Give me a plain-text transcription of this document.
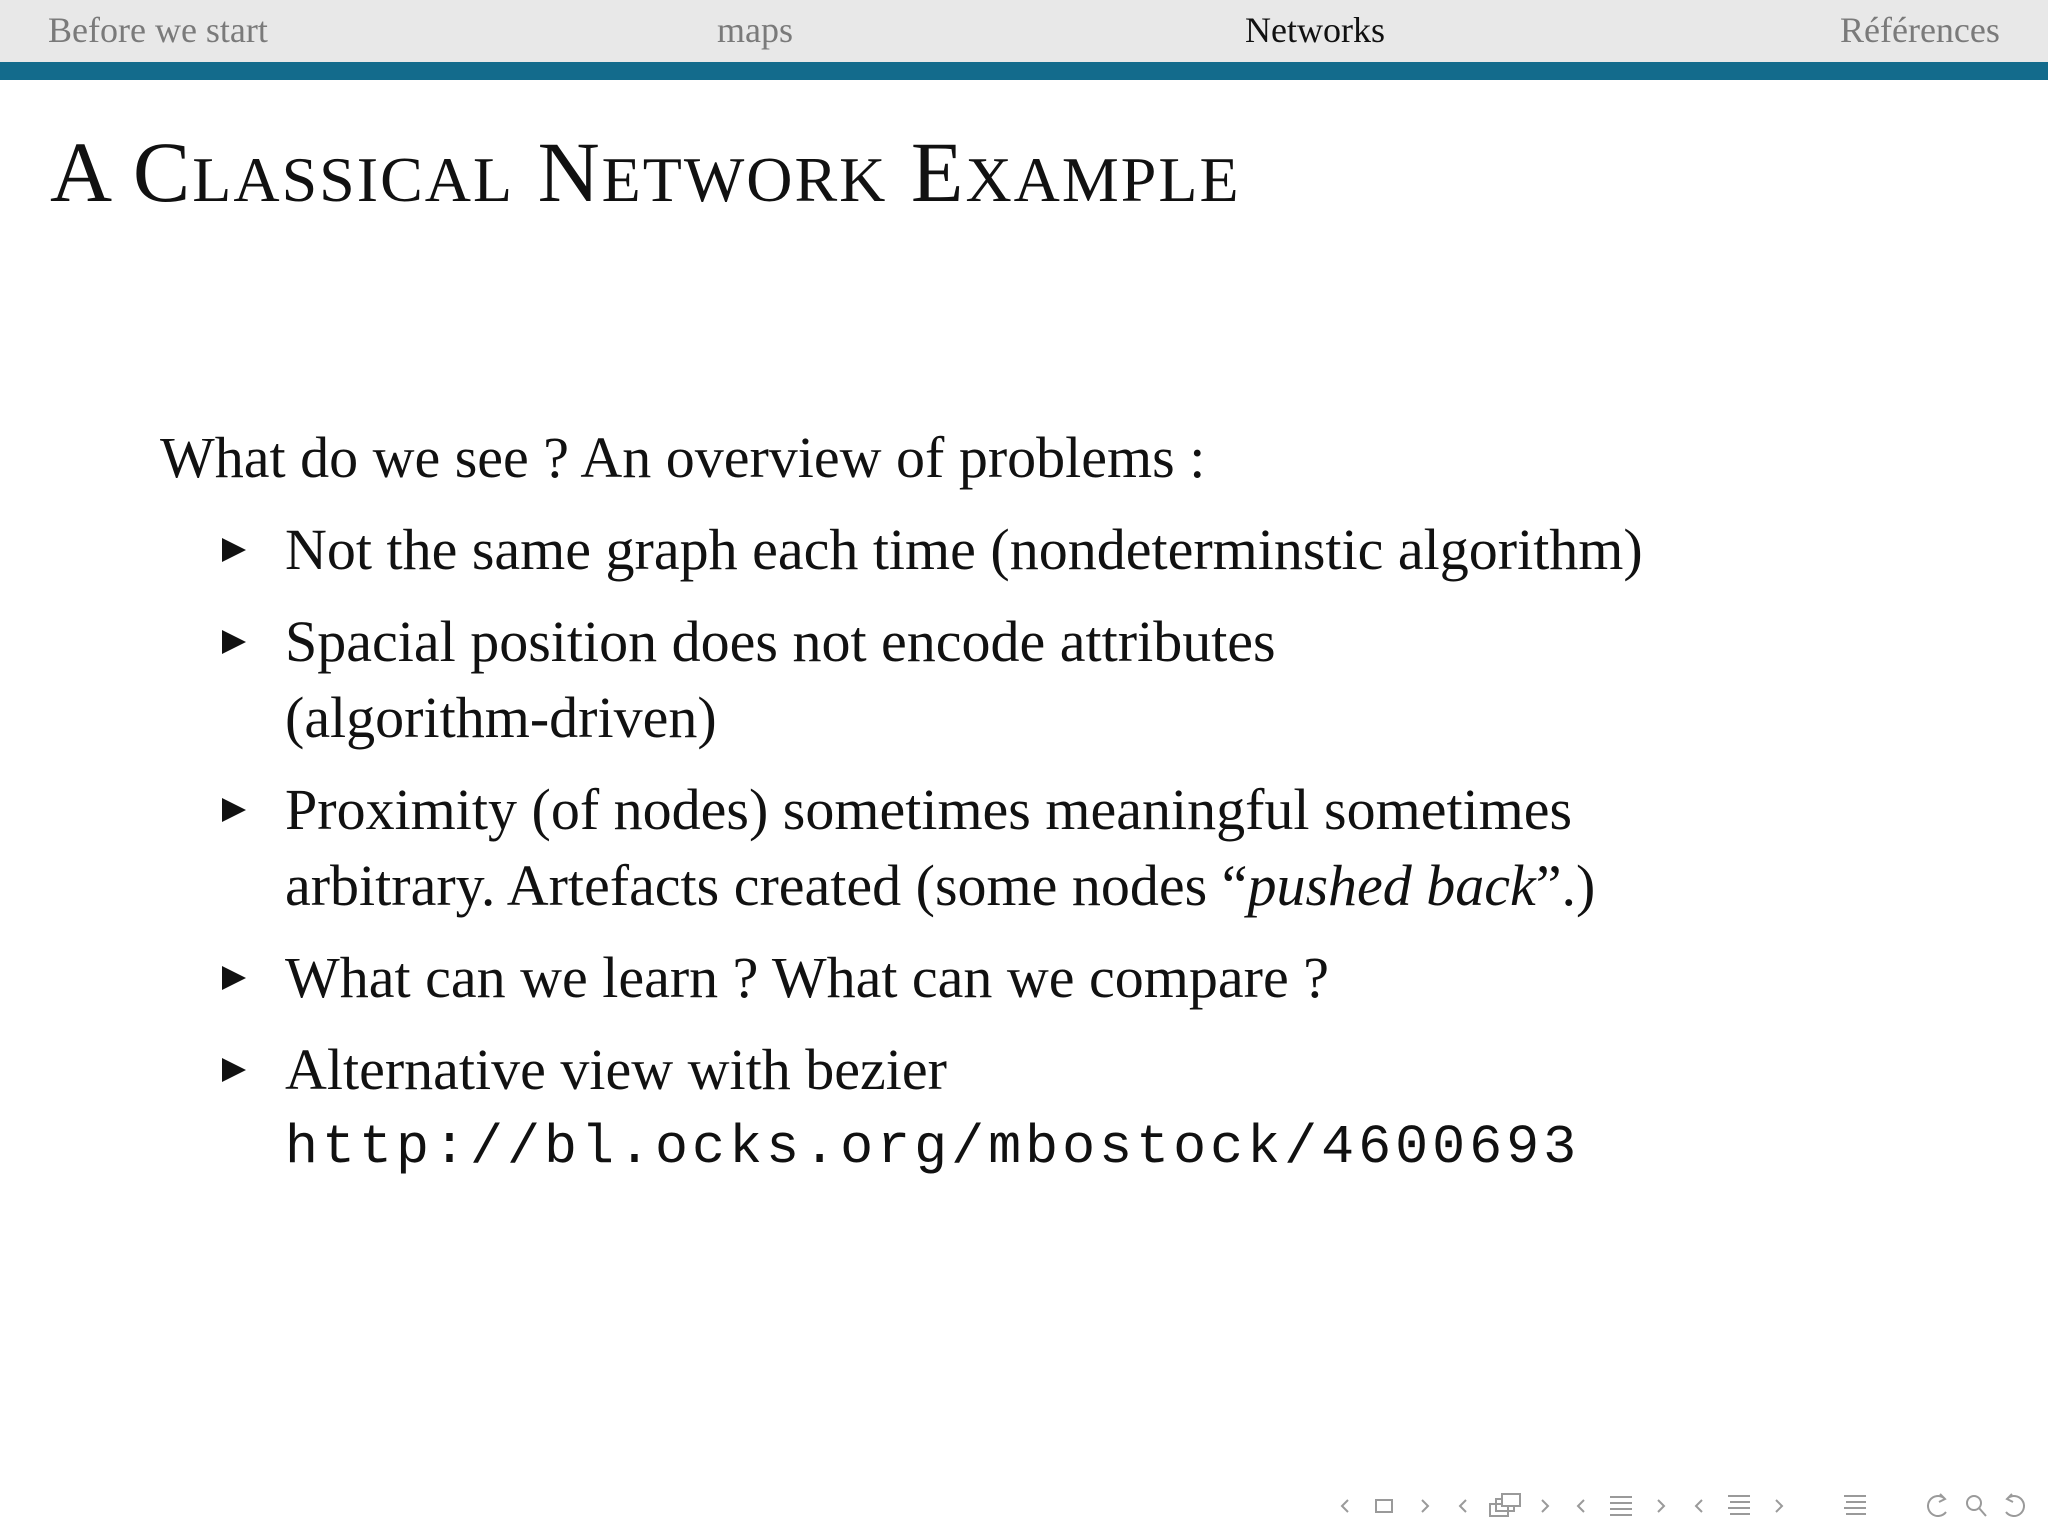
Before we start	maps	Networks	Références
A CLASSICAL NETWORK EXAMPLE
What do we see ? An overview of problems :
Not the same graph each time (nondeterminstic algorithm)
Spacial position does not encode attributes
(algorithm-driven)
Proximity (of nodes) sometimes meaningful sometimes
arbitrary. Artefacts created (some nodes “pushed back”.)
What can we learn ? What can we compare ?
Alternative view with bezier
http://bl.ocks.org/mbostock/4600693
